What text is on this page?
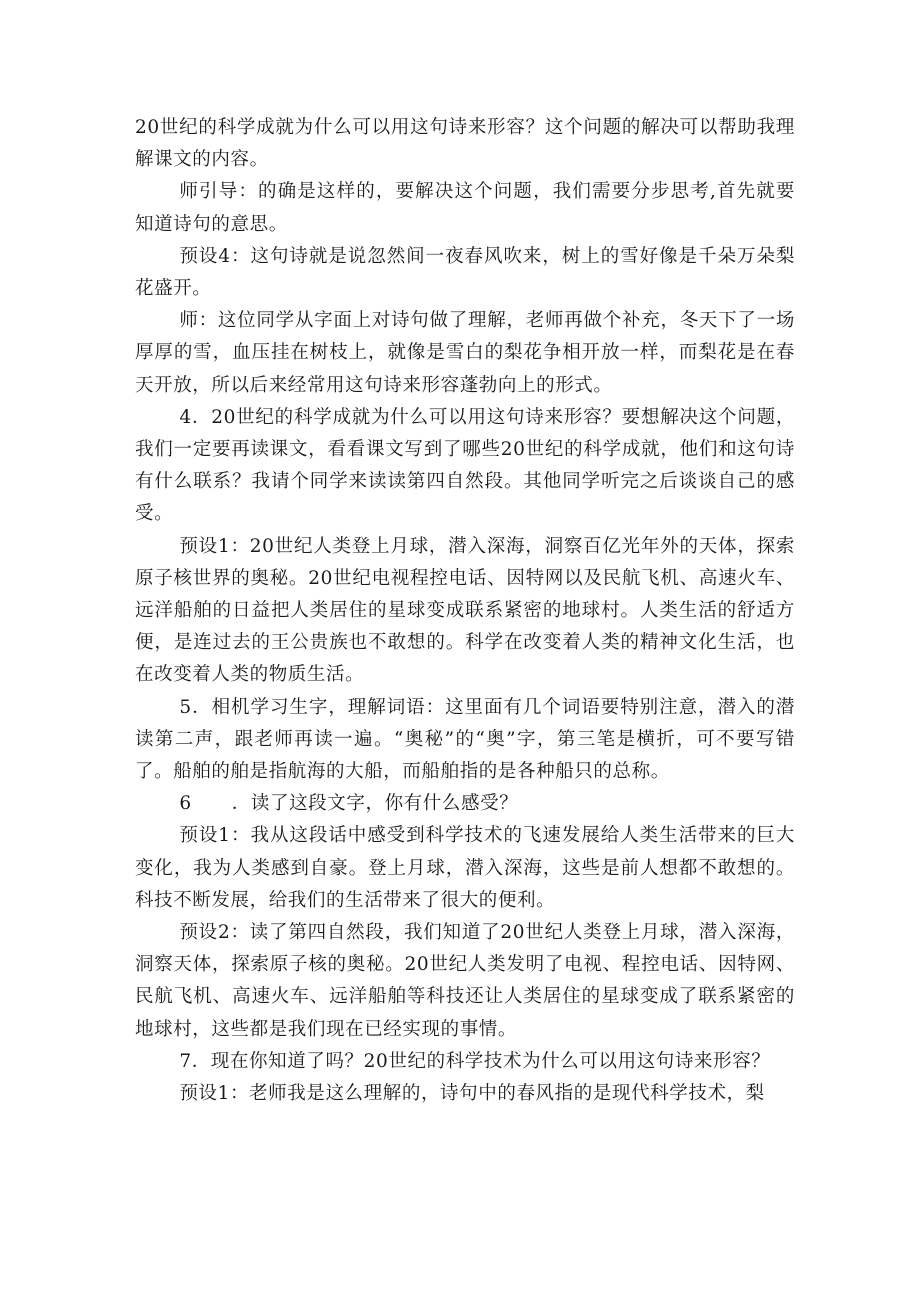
20世纪的科学成就为什么可以用这句诗来形容？这个问题的解决可以帮助我理解课文的内容。

师引导：的确是这样的，要解决这个问题，我们需要分步思考,首先就要知道诗句的意思。

预设4：这句诗就是说忽然间一夜春风吹来，树上的雪好像是千朵万朵梨花盛开。

师：这位同学从字面上对诗句做了理解，老师再做个补充，冬天下了一场厚厚的雪，血压挂在树枝上，就像是雪白的梨花争相开放一样，而梨花是在春天开放，所以后来经常用这句诗来形容蓬勃向上的形式。

4．20世纪的科学成就为什么可以用这句诗来形容？要想解决这个问题，我们一定要再读课文，看看课文写到了哪些20世纪的科学成就，他们和这句诗有什么联系？我请个同学来读读第四自然段。其他同学听完之后谈谈自己的感受。

预设1：20世纪人类登上月球，潜入深海，洞察百亿光年外的天体，探索原子核世界的奥秘。20世纪电视程控电话、因特网以及民航飞机、高速火车、远洋船舶的日益把人类居住的星球变成联系紧密的地球村。人类生活的舒适方便，是连过去的王公贵族也不敢想的。科学在改变着人类的精神文化生活，也在改变着人类的物质生活。

5．相机学习生字，理解词语：这里面有几个词语要特别注意，潜入的潜读第二声，跟老师再读一遍。“奥秘”的“奥”字，第三笔是横折，可不要写错了。船舶的舶是指航海的大船，而船舶指的是各种船只的总称。

6 ．读了这段文字，你有什么感受？

预设1：我从这段话中感受到科学技术的飞速发展给人类生活带来的巨大变化，我为人类感到自豪。登上月球，潜入深海，这些是前人想都不敢想的。科技不断发展，给我们的生活带来了很大的便利。

预设2：读了第四自然段，我们知道了20世纪人类登上月球，潜入深海，洞察天体，探索原子核的奥秘。20世纪人类发明了电视、程控电话、因特网、民航飞机、高速火车、远洋船舶等科技还让人类居住的星球变成了联系紧密的地球村，这些都是我们现在已经实现的事情。

7．现在你知道了吗？20世纪的科学技术为什么可以用这句诗来形容？

预设1：老师我是这么理解的，诗句中的春风指的是现代科学技术，梨
